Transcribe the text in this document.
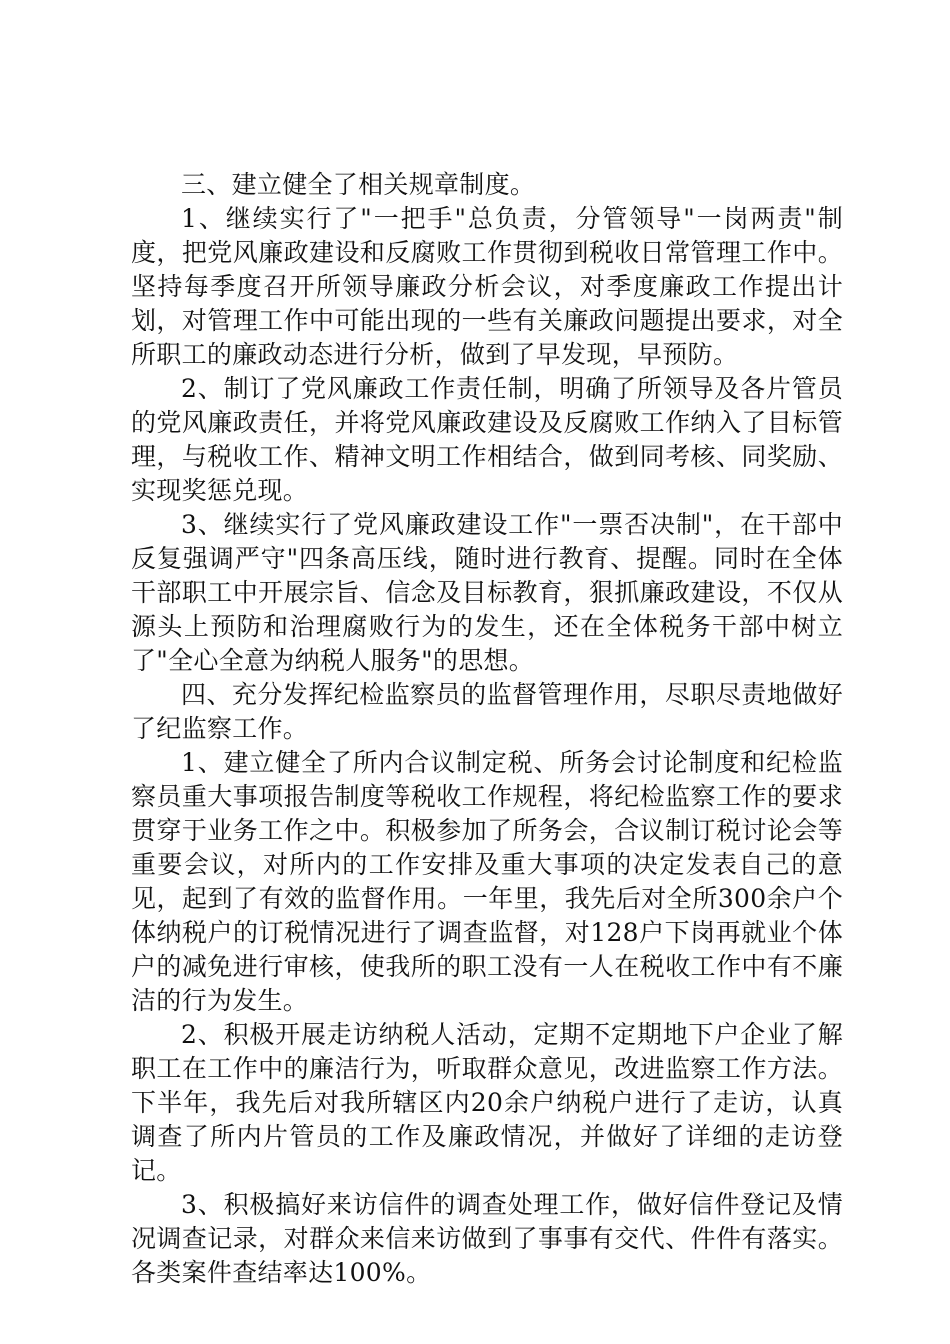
三、建立健全了相关规章制度。

1、继续实行了"一把手"总负责，分管领导"一岗两责"制度，把党风廉政建设和反腐败工作贯彻到税收日常管理工作中。坚持每季度召开所领导廉政分析会议，对季度廉政工作提出计划，对管理工作中可能出现的一些有关廉政问题提出要求，对全所职工的廉政动态进行分析，做到了早发现，早预防。

2、制订了党风廉政工作责任制，明确了所领导及各片管员的党风廉政责任，并将党风廉政建设及反腐败工作纳入了目标管理，与税收工作、精神文明工作相结合，做到同考核、同奖励、实现奖惩兑现。

3、继续实行了党风廉政建设工作"一票否决制"，在干部中反复强调严守"四条高压线，随时进行教育、提醒。同时在全体干部职工中开展宗旨、信念及目标教育，狠抓廉政建设，不仅从源头上预防和治理腐败行为的发生，还在全体税务干部中树立了"全心全意为纳税人服务"的思想。

四、充分发挥纪检监察员的监督管理作用，尽职尽责地做好了纪监察工作。

1、建立健全了所内合议制定税、所务会讨论制度和纪检监察员重大事项报告制度等税收工作规程，将纪检监察工作的要求贯穿于业务工作之中。积极参加了所务会，合议制订税讨论会等重要会议，对所内的工作安排及重大事项的决定发表自己的意见，起到了有效的监督作用。一年里，我先后对全所300余户个体纳税户的订税情况进行了调查监督，对128户下岗再就业个体户的减免进行审核，使我所的职工没有一人在税收工作中有不廉洁的行为发生。

2、积极开展走访纳税人活动，定期不定期地下户企业了解职工在工作中的廉洁行为，听取群众意见，改进监察工作方法。下半年，我先后对我所辖区内20余户纳税户进行了走访，认真调查了所内片管员的工作及廉政情况，并做好了详细的走访登记。

3、积极搞好来访信件的调查处理工作，做好信件登记及情况调查记录，对群众来信来访做到了事事有交代、件件有落实。各类案件查结率达100%。
